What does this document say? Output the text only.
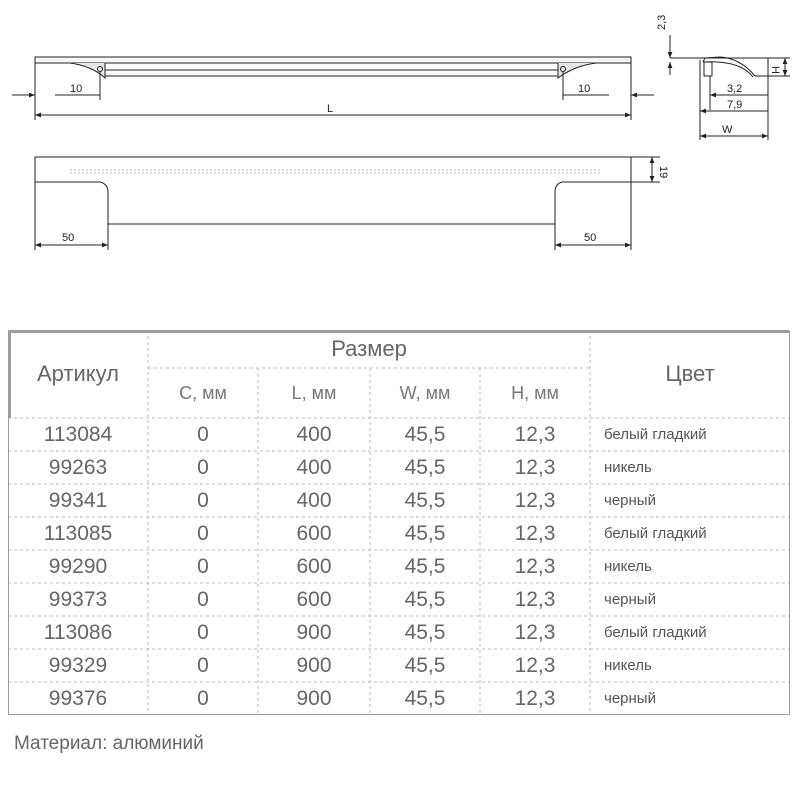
10	10
L
2,3
H
3,2
7,9
W
19
50	50
Артикул
Размер
Цвет
С, мм	L, мм	W, мм	H, мм
113084	0	400	45,5	12,3	белый гладкий
99263	0	400	45,5	12,3	никель
99341	0	400	45,5	12,3	черный
113085	0	600	45,5	12,3	белый гладкий
99290	0	600	45,5	12,3	никель
99373	0	600	45,5	12,3	черный
113086	0	900	45,5	12,3	белый гладкий
99329	0	900	45,5	12,3	никель
99376	0	900	45,5	12,3	черный
Материал: алюминий
